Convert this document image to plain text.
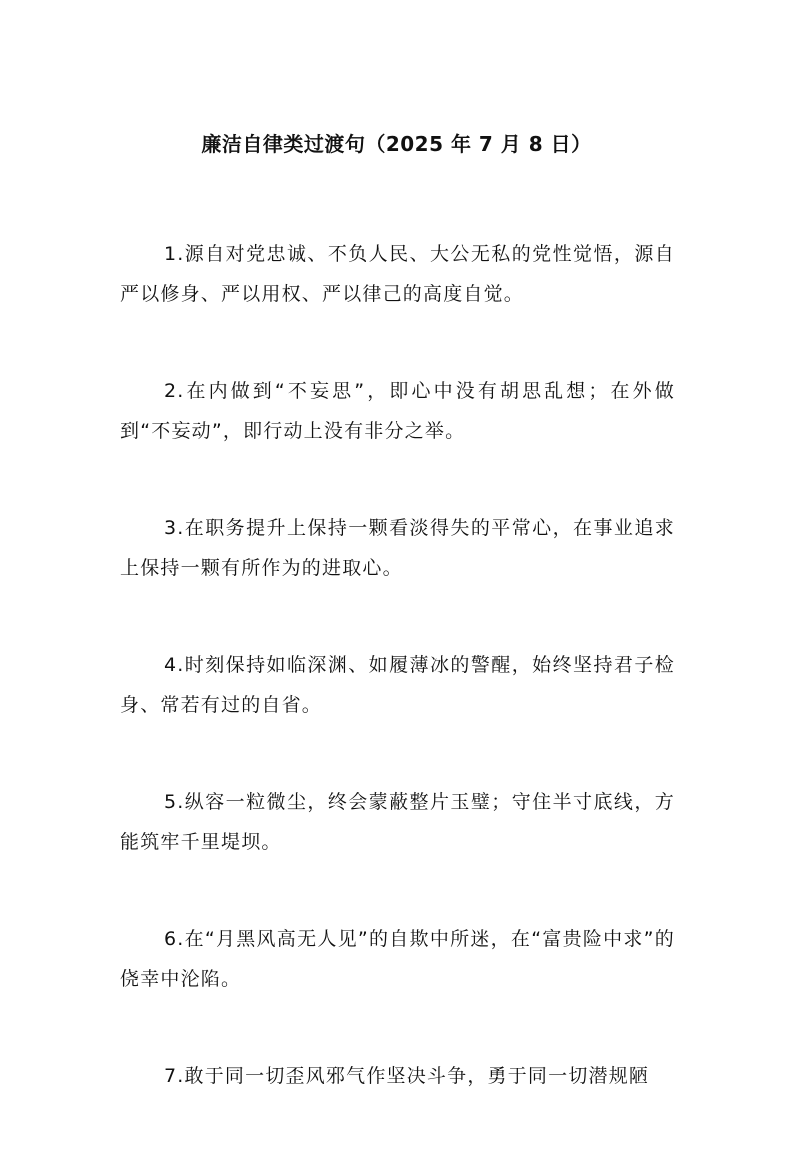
廉洁自律类过渡句（2025 年 7 月 8 日）

1.源自对党忠诚、不负人民、大公无私的党性觉悟，源自严以修身、严以用权、严以律己的高度自觉。

2.在内做到“不妄思”，即心中没有胡思乱想；在外做到“不妄动”，即行动上没有非分之举。

3.在职务提升上保持一颗看淡得失的平常心，在事业追求上保持一颗有所作为的进取心。

4.时刻保持如临深渊、如履薄冰的警醒，始终坚持君子检身、常若有过的自省。

5.纵容一粒微尘，终会蒙蔽整片玉璧；守住半寸底线，方能筑牢千里堤坝。

6.在“月黑风高无人见”的自欺中所迷，在“富贵险中求”的侥幸中沦陷。

7.敢于同一切歪风邪气作坚决斗争，勇于同一切潜规陋
